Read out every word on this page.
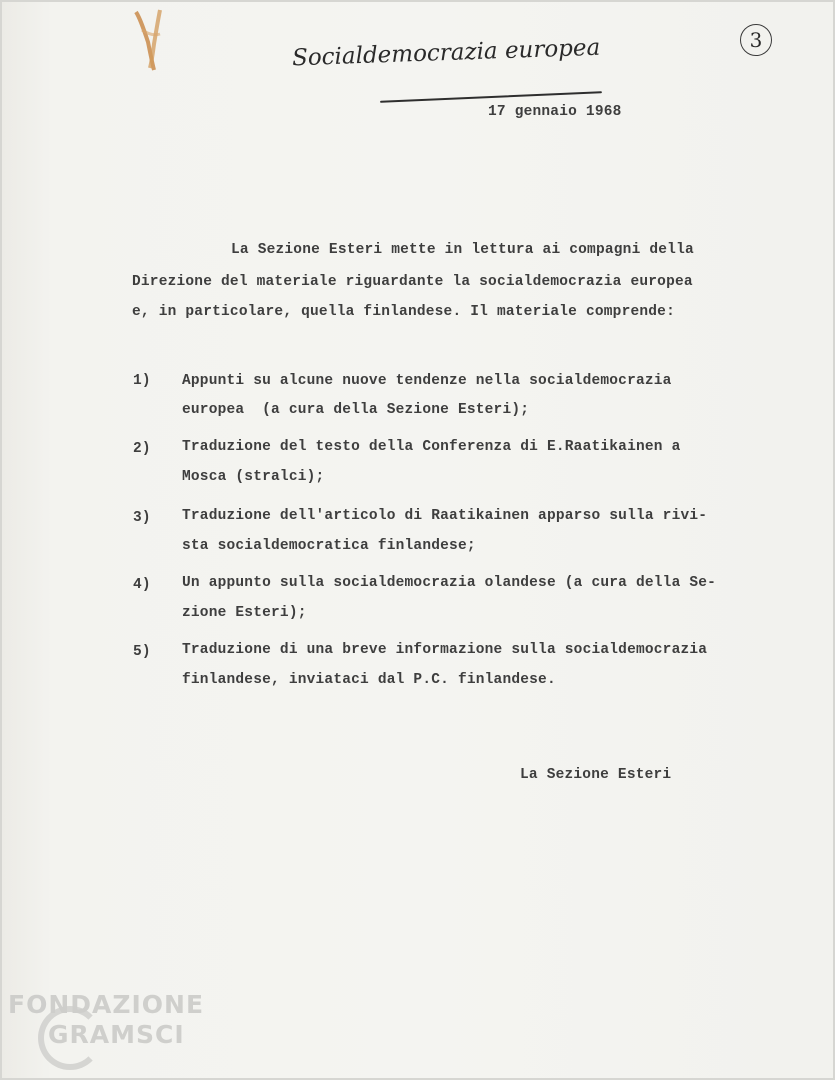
Socialdemocrazia europea	3
17 gennaio 1968
La Sezione Esteri mette in lettura ai compagni della
Direzione del materiale riguardante la socialdemocrazia europea
e, in particolare, quella finlandese. Il materiale comprende:
1) Appunti su alcune nuove tendenze nella socialdemocrazia
europea  (a cura della Sezione Esteri);
2) Traduzione del testo della Conferenza di E.Raatikainen a
Mosca (stralci);
3) Traduzione dell'articolo di Raatikainen apparso sulla rivi-
sta socialdemocratica finlandese;
4) Un appunto sulla socialdemocrazia olandese (a cura della Se-
zione Esteri);
5) Traduzione di una breve informazione sulla socialdemocrazia
finlandese, inviataci dal P.C. finlandese.
La Sezione Esteri
FONDAZIONE
GRAMSCI
